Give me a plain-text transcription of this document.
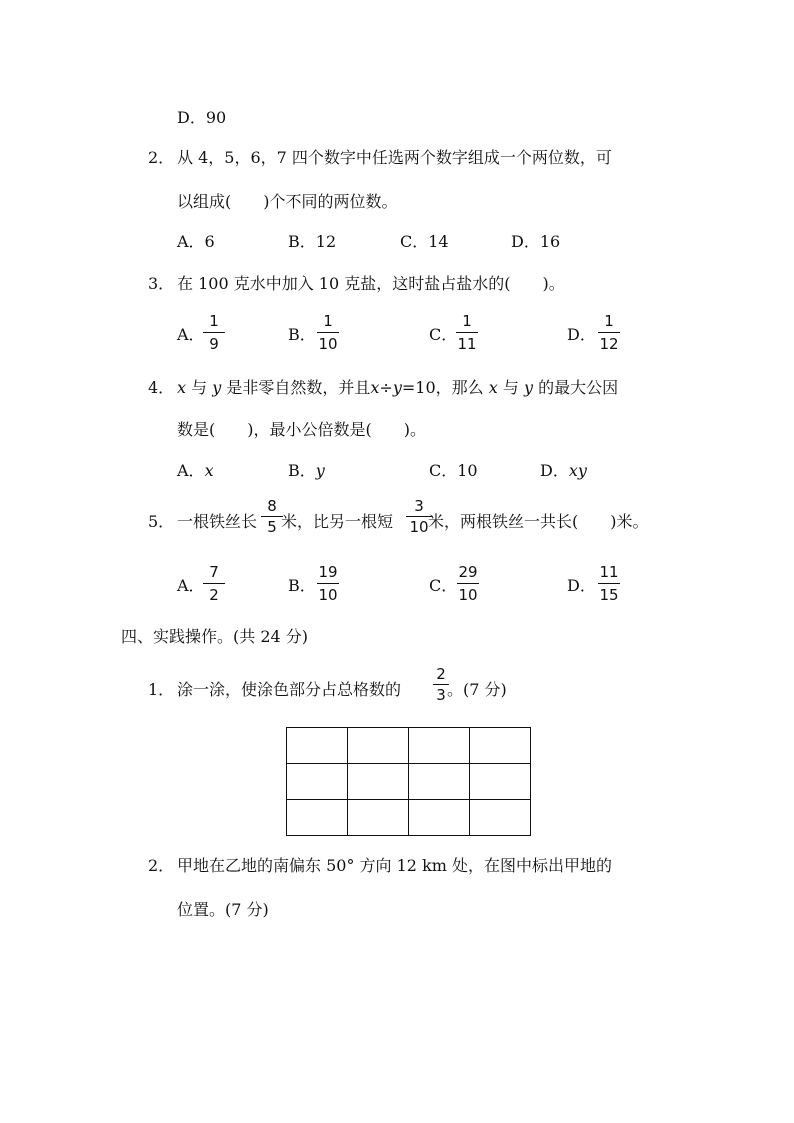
D．90
2． 从 4，5，6，7 四个数字中任选两个数字组成一个两位数，可
以组成(　　)个不同的两位数。
A．6	B．12	C．14	D．16
3． 在 100 克水中加入 10 克盐，这时盐占盐水的(　　)。
A．
1
9	B．
1
10	C．
1
11	D．
1
12
4． x 与 y 是非零自然数，并且x÷y=10，那么 x 与 y 的最大公因
数是(　　)，最小公倍数是(　　)。
A．x	B．y	C．10	D．xy
5． 一根铁丝长
8
5 米，比另一根短
3
10 米，两根铁丝一共长(　　)米。
A．
7
2	B．
19
10	C．
29
10	D．
11
15
四、实践操作。(共 24 分)
1． 涂一涂，使涂色部分占总格数的
2
3 。(7 分)

2． 甲地在乙地的南偏东 50° 方向 12 km 处，在图中标出甲地的
位置。(7 分)
